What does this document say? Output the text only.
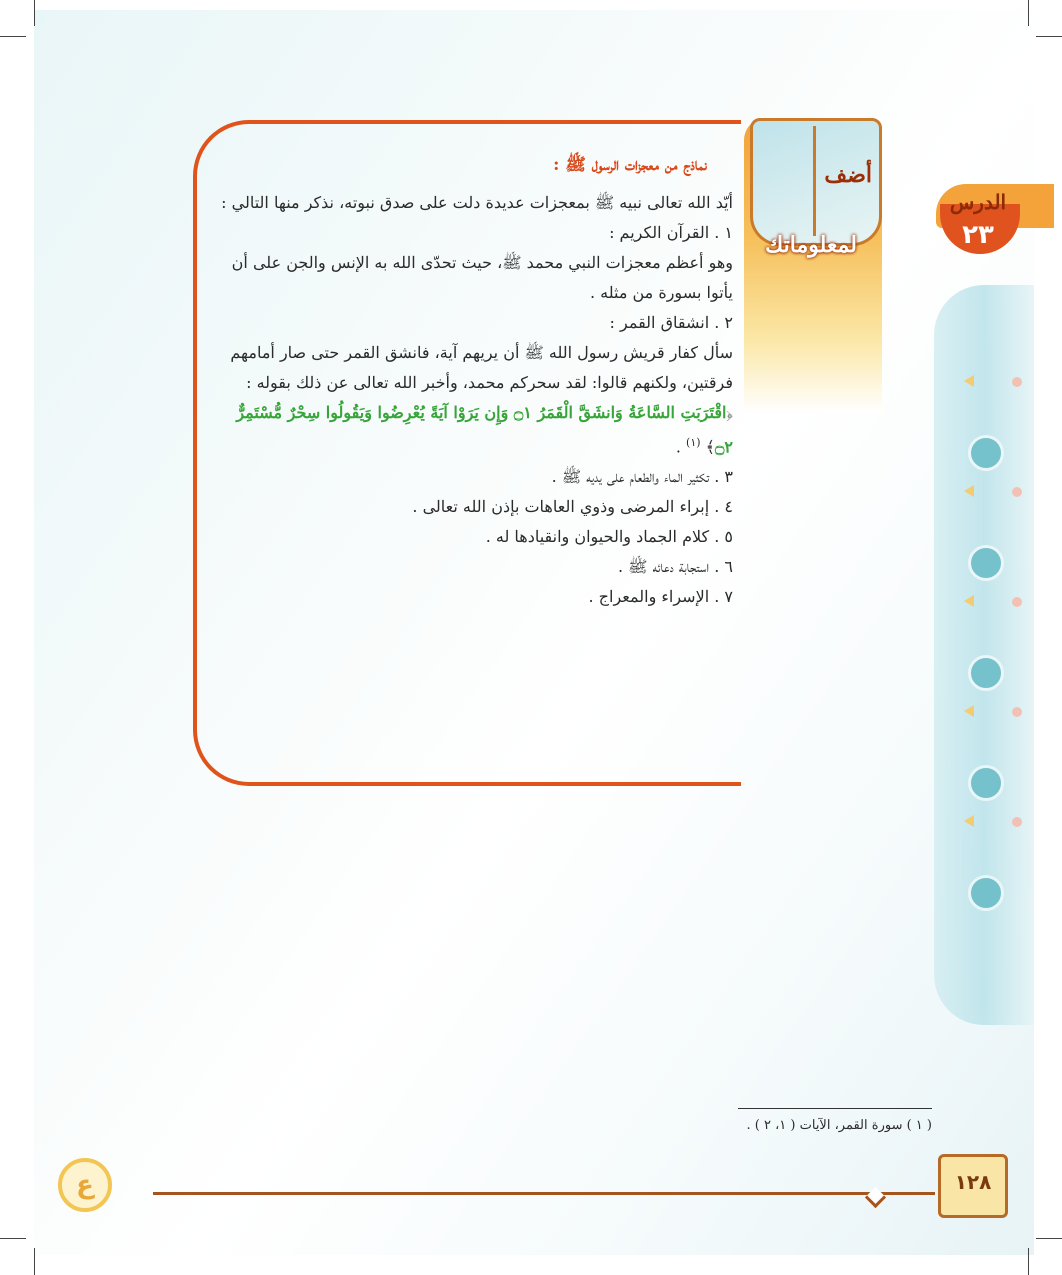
الدرس
٢٣
أضف
لمعلوماتك

نماذج من معجزات الرسول ﷺ :

أيّد الله تعالى نبيه ﷺ بمعجزات عديدة دلت على صدق نبوته، نذكر منها التالي :

١ . القرآن الكريم :

وهو أعظم معجزات النبي محمد ﷺ، حيث تحدّى الله به الإنس والجن على أن يأتوا بسورة من مثله .

٢ . انشقاق القمر :

سأل كفار قريش رسول الله ﷺ أن يريهم آية، فانشق القمر حتى صار أمامهم فرقتين، ولكنهم قالوا: لقد سحركم محمد، وأخبر الله تعالى عن ذلك بقوله :﴿اقْتَرَبَتِ السَّاعَةُ وَانشَقَّ الْقَمَرُ ۝١ وَإِن يَرَوْا آيَةً يُعْرِضُوا وَيَقُولُوا سِحْرٌ مُّسْتَمِرٌّ ۝٢﴾ $^{(١)}$ .

٣ . تكثير الماء والطعام على يديه ﷺ .

٤ . إبراء المرضى وذوي العاهات بإذن الله تعالى .

٥ . كلام الجماد والحيوان وانقيادها له .

٦ . استجابة دعائه ﷺ .

٧ . الإسراء والمعراج .

( ١ ) سورة القمر، الآيات ( ١، ٢ ) .
١٢٨
ع
